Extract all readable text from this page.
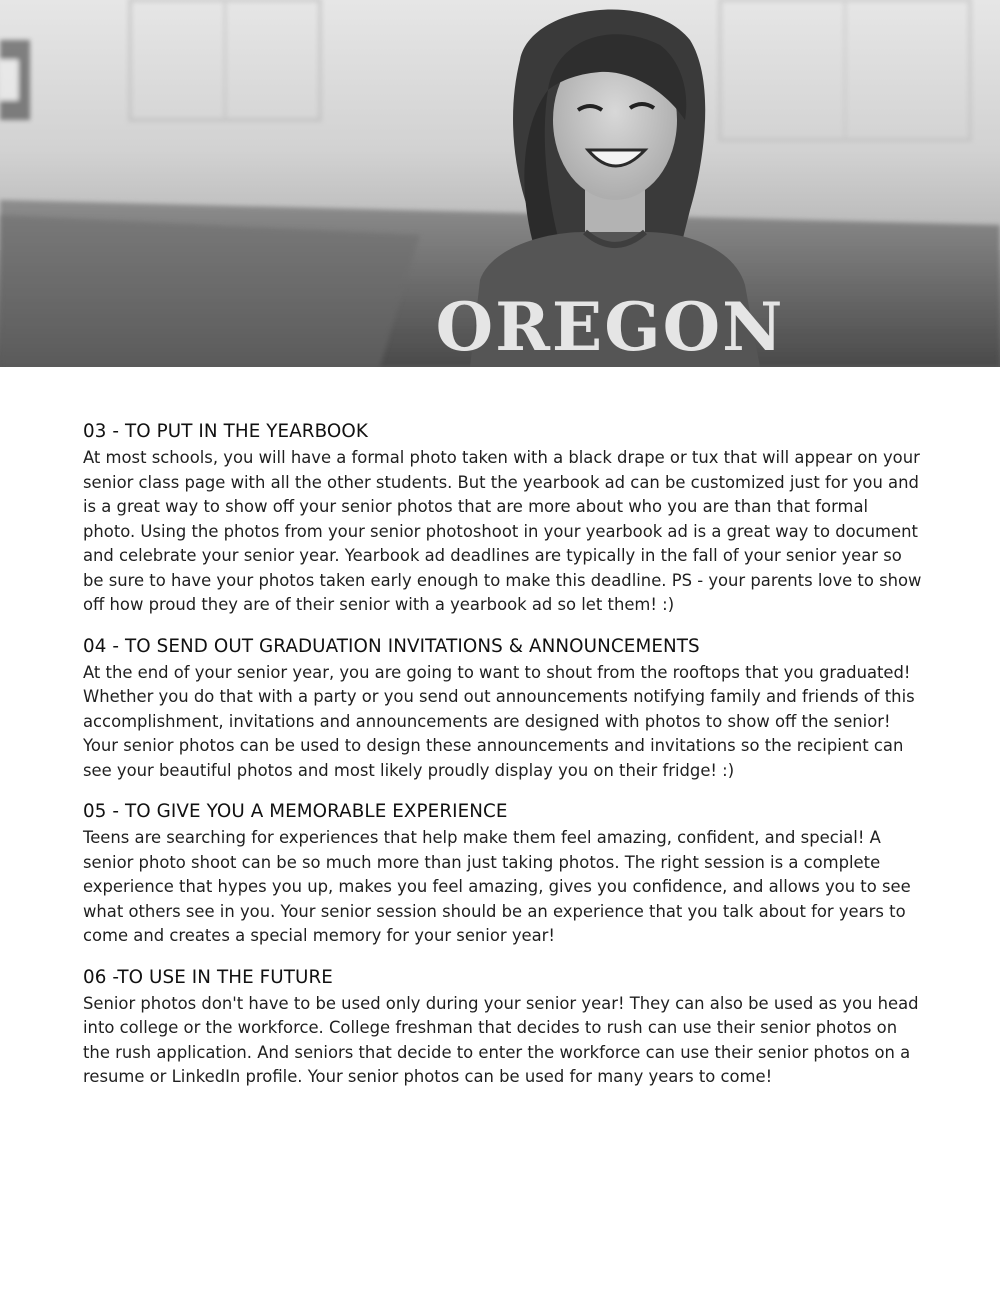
OREGON
03 - TO PUT IN THE YEARBOOK

At most schools, you will have a formal photo taken with a black drape or tux that will appear on your senior class page with all the other students. But the yearbook ad can be customized just for you and is a great way to show off your senior photos that are more about who you are than that formal photo. Using the photos from your senior photoshoot in your yearbook ad is a great way to document and celebrate your senior year. Yearbook ad deadlines are typically in the fall of your senior year so be sure to have your photos taken early enough to make this deadline. PS - your parents love to show off how proud they are of their senior with a yearbook ad so let them! :)

04 - TO SEND OUT GRADUATION INVITATIONS & ANNOUNCEMENTS

At the end of your senior year, you are going to want to shout from the rooftops that you graduated! Whether you do that with a party or you send out announcements notifying family and friends of this accomplishment, invitations and announcements are designed with photos to show off the senior! Your senior photos can be used to design these announcements and invitations so the recipient can see your beautiful photos and most likely proudly display you on their fridge! :)

05 - TO GIVE YOU A MEMORABLE EXPERIENCE

Teens are searching for experiences that help make them feel amazing, confident, and special! A senior photo shoot can be so much more than just taking photos. The right session is a complete experience that hypes you up, makes you feel amazing, gives you confidence, and allows you to see what others see in you. Your senior session should be an experience that you talk about for years to come and creates a special memory for your senior year!

06 -TO USE IN THE FUTURE

Senior photos don't have to be used only during your senior year! They can also be used as you head into college or the workforce. College freshman that decides to rush can use their senior photos on the rush application. And seniors that decide to enter the workforce can use their senior photos on a resume or LinkedIn profile. Your senior photos can be used for many years to come!
